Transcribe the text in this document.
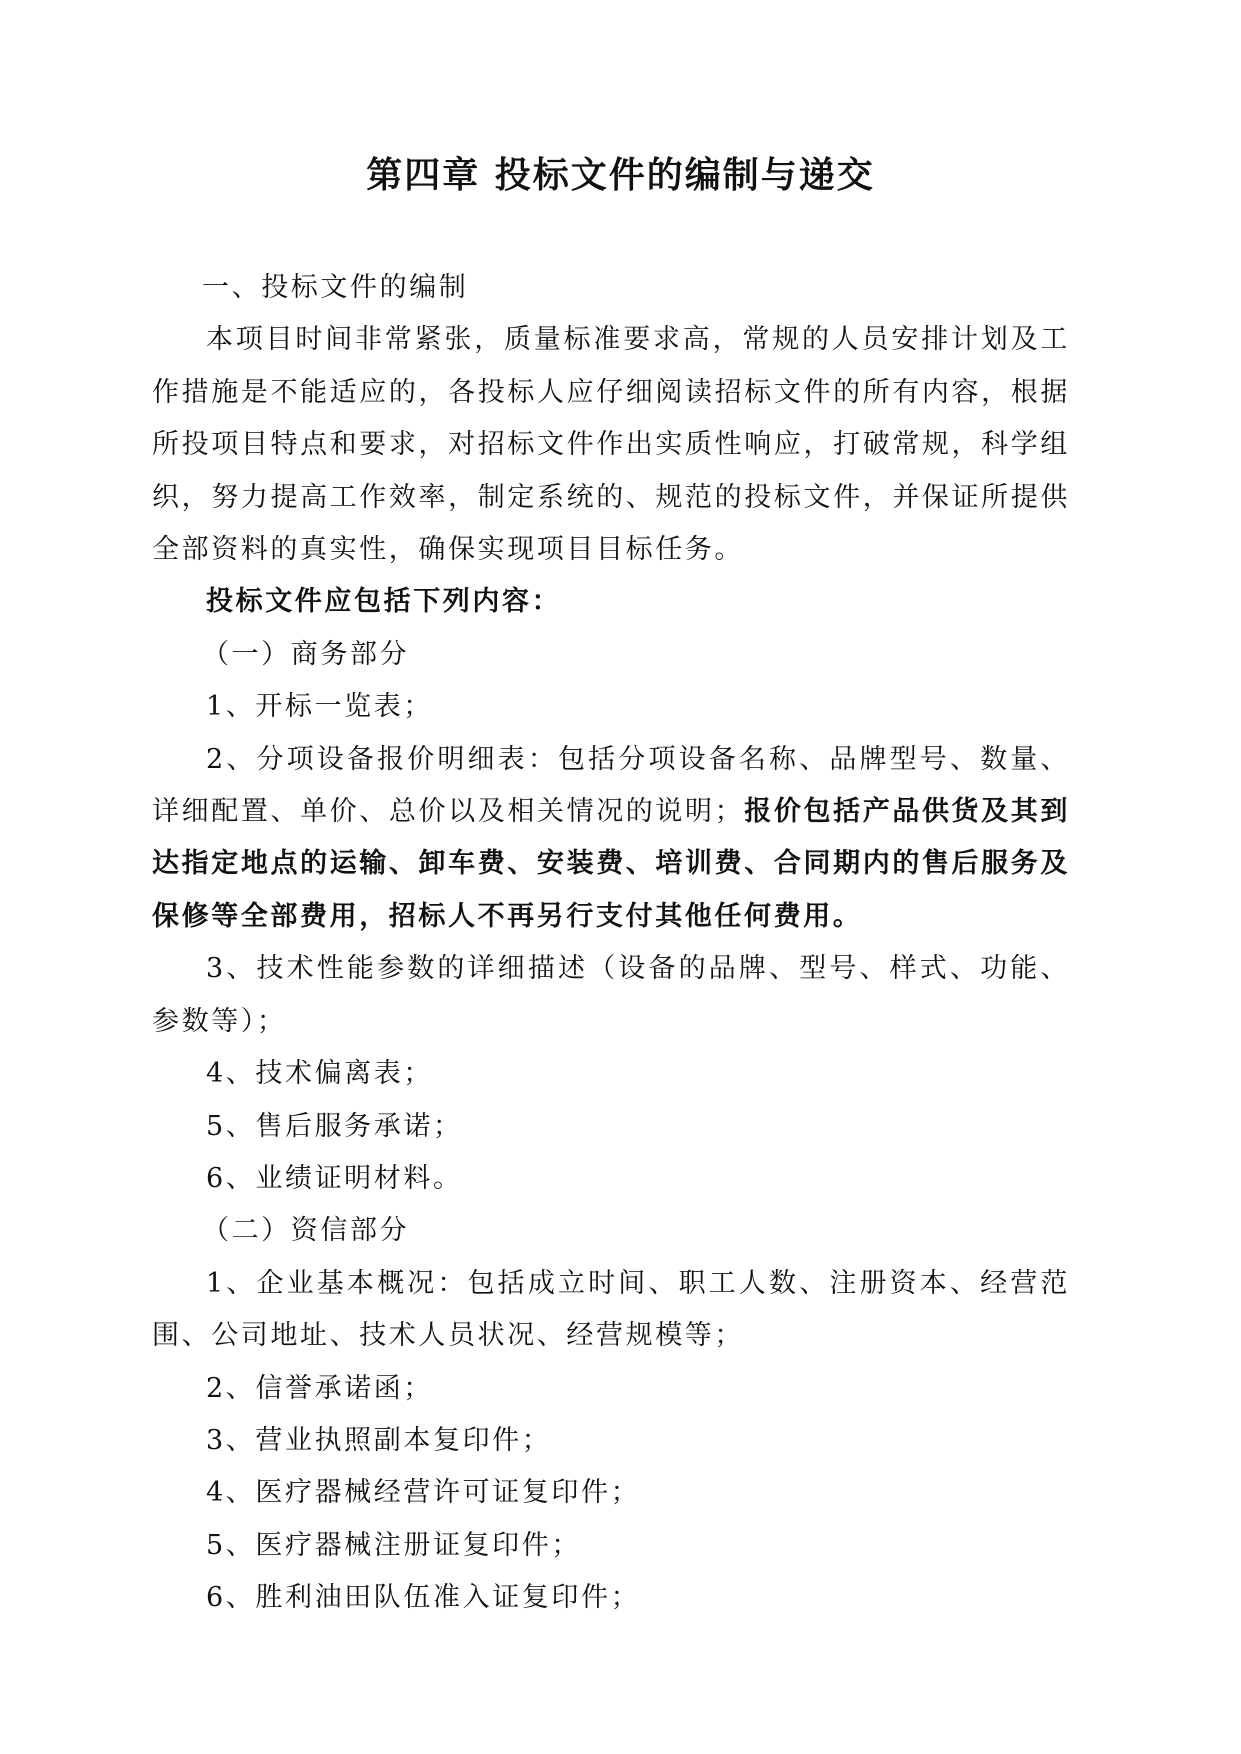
第四章 投标文件的编制与递交

一、投标文件的编制

本项目时间非常紧张，质量标准要求高，常规的人员安排计划及工作措施是不能适应的，各投标人应仔细阅读招标文件的所有内容，根据所投项目特点和要求，对招标文件作出实质性响应，打破常规，科学组织，努力提高工作效率，制定系统的、规范的投标文件，并保证所提供全部资料的真实性，确保实现项目目标任务。

投标文件应包括下列内容：

（一）商务部分

1、开标一览表；

2、分项设备报价明细表：包括分项设备名称、品牌型号、数量、详细配置、单价、总价以及相关情况的说明；报价包括产品供货及其到达指定地点的运输、卸车费、安装费、培训费、合同期内的售后服务及保修等全部费用，招标人不再另行支付其他任何费用。

3、技术性能参数的详细描述（设备的品牌、型号、样式、功能、参数等）；

4、技术偏离表；

5、售后服务承诺；

6、业绩证明材料。

（二）资信部分

1、企业基本概况：包括成立时间、职工人数、注册资本、经营范围、公司地址、技术人员状况、经营规模等；

2、信誉承诺函；

3、营业执照副本复印件；

4、医疗器械经营许可证复印件；

5、医疗器械注册证复印件；

6、胜利油田队伍准入证复印件；
